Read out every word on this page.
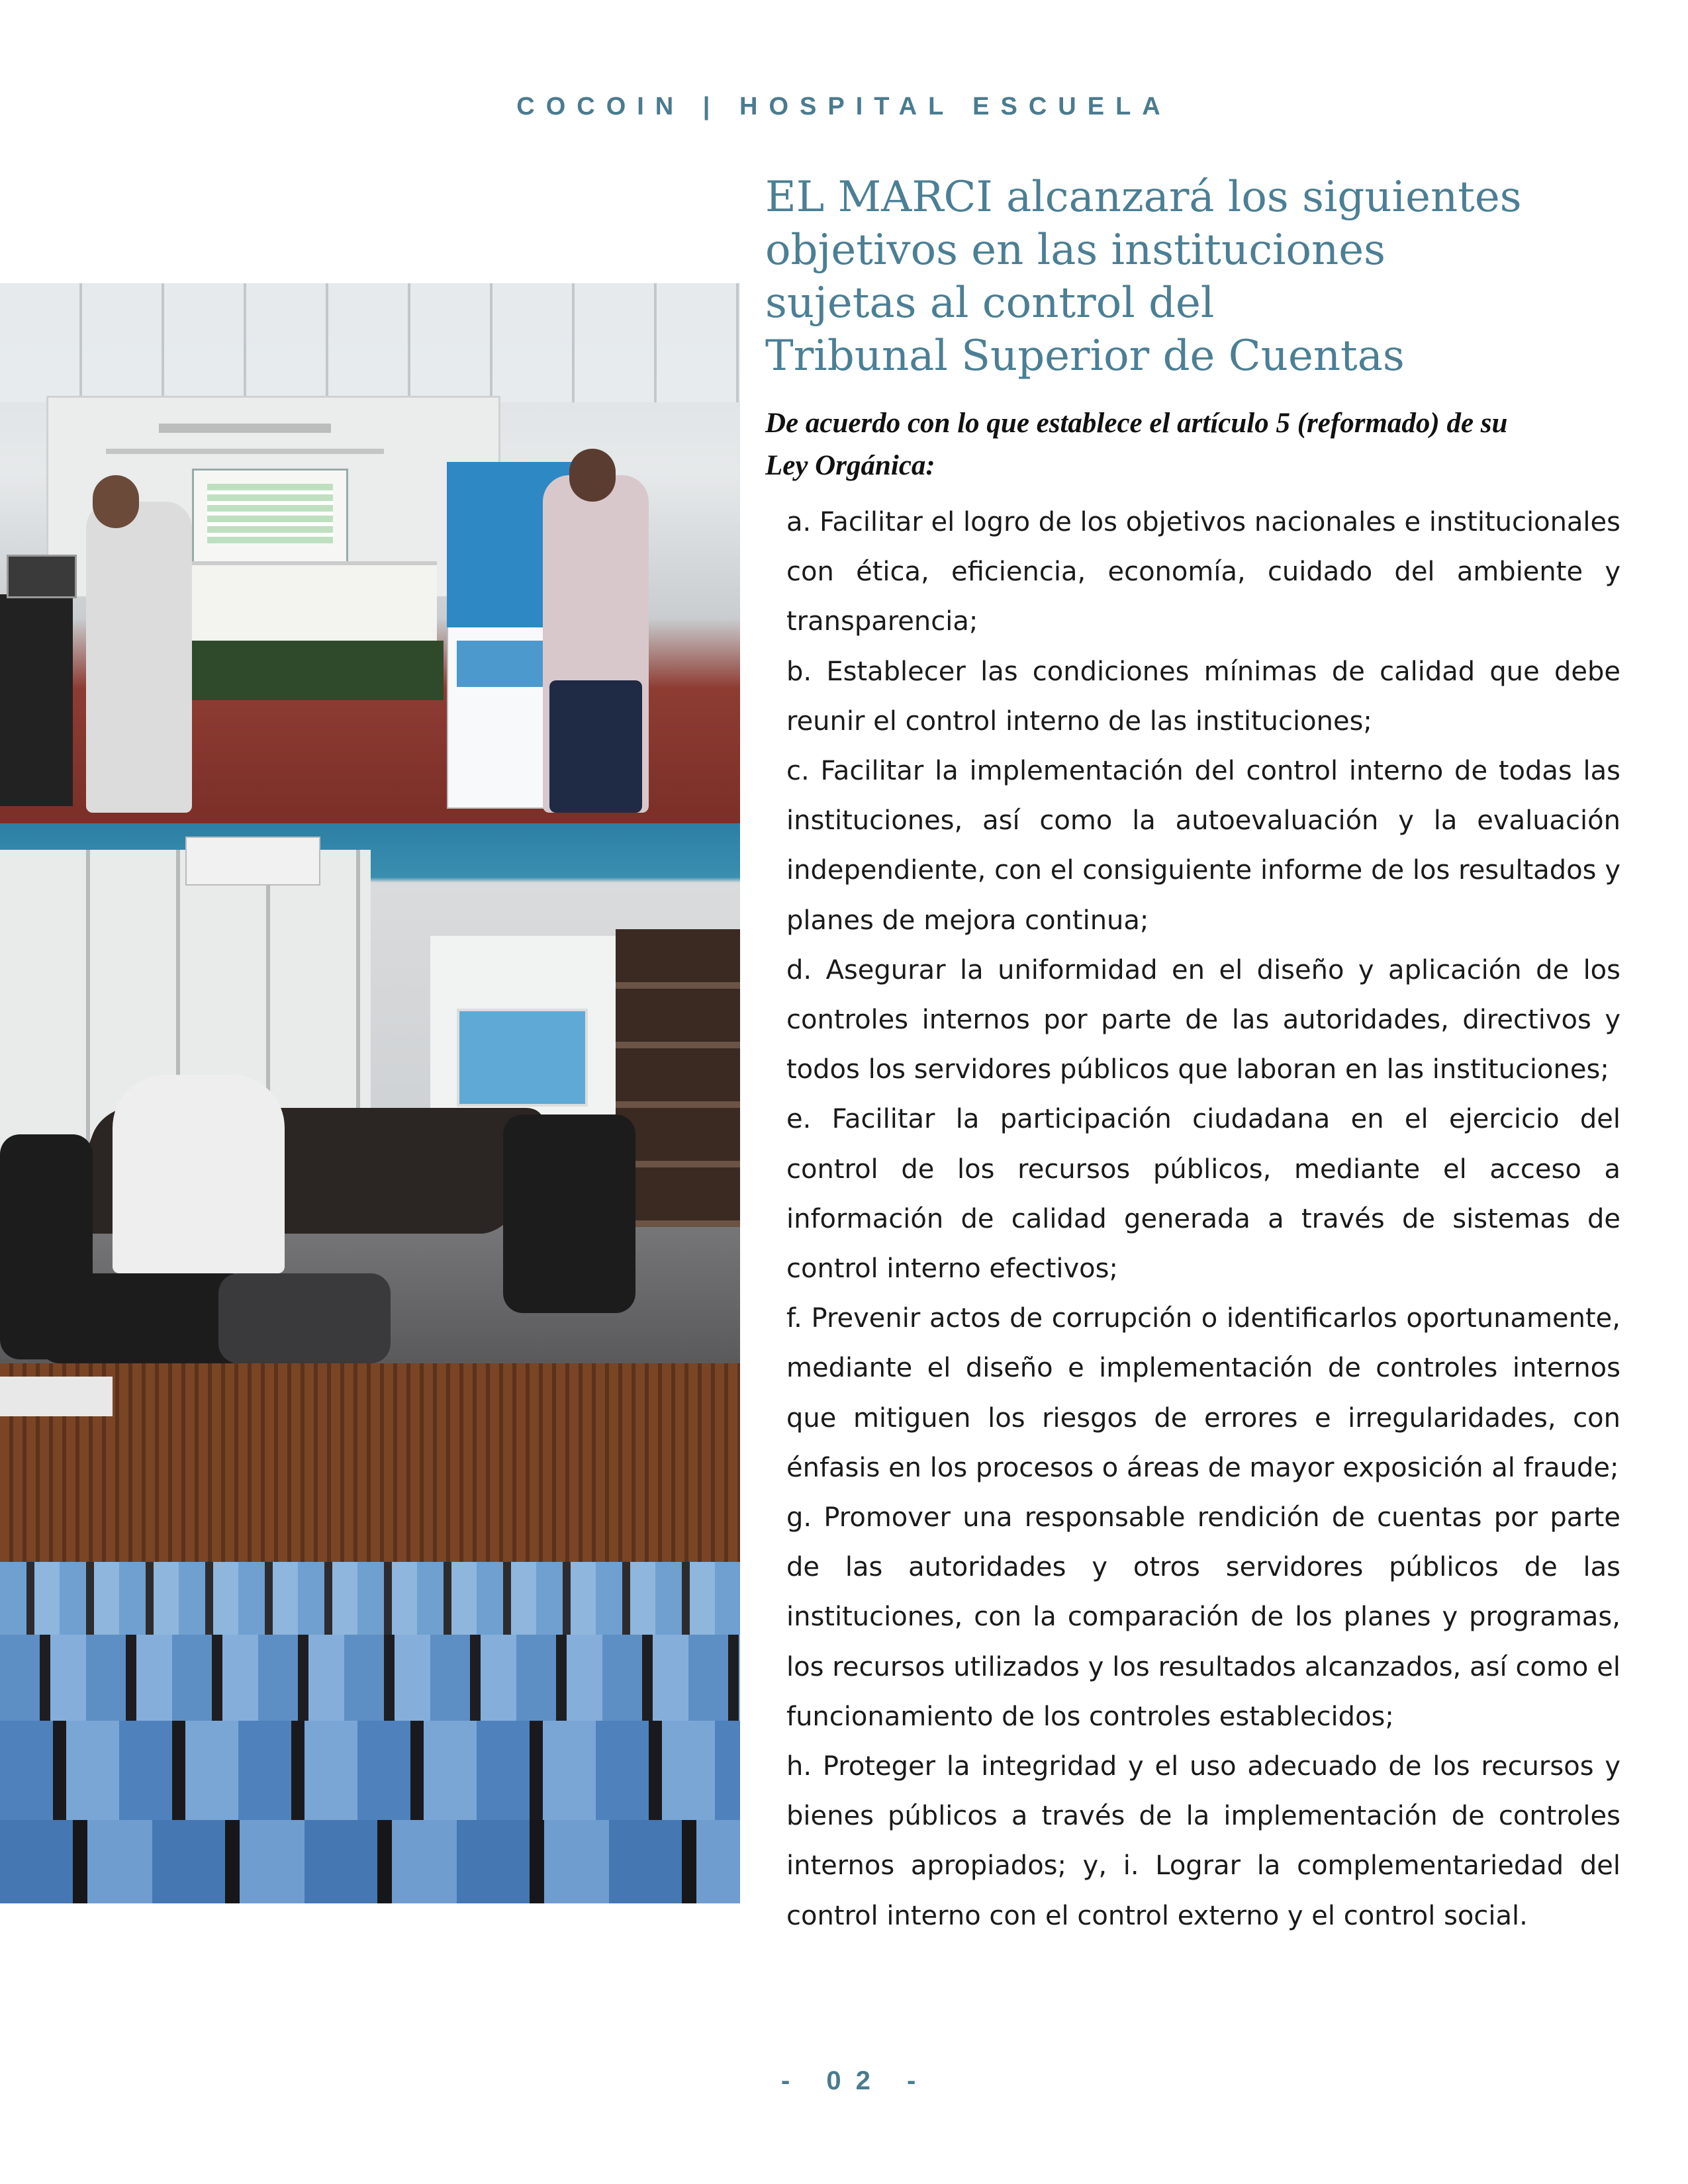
COCOIN | HOSPITAL ESCUELA
EL MARCI alcanzará los siguientes
objetivos en las instituciones
sujetas al control del
Tribunal Superior de Cuentas
De acuerdo con lo que establece el artículo 5 (reformado) de su
Ley Orgánica:

a. Facilitar el logro de los objetivos nacionales e institucionales con ética, eficiencia, economía, cuidado del ambiente y transparencia;

b. Establecer las condiciones mínimas de calidad que debe reunir el control interno de las instituciones;

c. Facilitar la implementación del control interno de todas las instituciones, así como la autoevaluación y la evaluación independiente, con el consiguiente informe de los resultados y planes de mejora continua;

d. Asegurar la uniformidad en el diseño y aplicación de los controles internos por parte de las autoridades, directivos y todos los servidores públicos que laboran en las instituciones;

e. Facilitar la participación ciudadana en el ejercicio del control de los recursos públicos, mediante el acceso a información de calidad generada a través de sistemas de control interno efectivos;

f. Prevenir actos de corrupción o identificarlos oportunamente, mediante el diseño e implementación de controles internos que mitiguen los riesgos de errores e irregularidades, con énfasis en los procesos o áreas de mayor exposición al fraude;

g. Promover una responsable rendición de cuentas por parte de las autoridades y otros servidores públicos de las instituciones, con la comparación de los planes y programas, los recursos utilizados y los resultados alcanzados, así como el funcionamiento de los controles establecidos;

h. Proteger la integridad y el uso adecuado de los recursos y bienes públicos a través de la implementación de controles internos apropiados; y, i. Lograr la complementariedad del control interno con el control externo y el control social.

- 02 -
